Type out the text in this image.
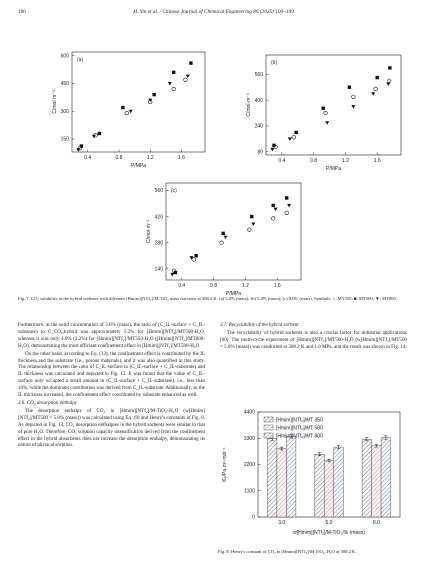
106	H. Yin et al. / Chinese Journal of Chemical Engineering 80 (2025) 100–109
0.4	0.8	1.2	1.6
150
300
450
600
P/MPa
C/mol·m⁻³
(a)
0.4	0.8	1.2	1.6
80
240
400
560
P/MPa
C/mol·m⁻³
(b)
0.4	0.8	1.2	1.6
140
280
420
560
P/MPa
C/mol·m⁻³
(c)
Fig. 7. CO₂ solubility in the hybrid sorbents with different [Hmim][NTf₂]/M-TiO₂ mass fractions at 308.2 K. (a) 3.0% (mass); (b) 5.0% (mass); (c) 8.0% (mass). Symbols: ○, MT350; ■, MT500; ▼, MT800.

Furthermore, at the solid concentration of 5.0% (mass), the ratio of (C_IL-surface + C_IL-substrate) to C_CO₂,hybrid was approximately 5.2% for [Hmim][NTf₂]/MT500-H₂O, whereas it was only 4.0% (2.2%) for [Hmim][NTf₂]/MT350-H₂O ([Hmim][NTf₂]/MT800-H₂O), demonstrating the most efficient confinement effect in [Hmim][NTf₂]/MT500-H₂O.

On the other hand, according to Eq. (13), the confinement effect is contributed by the IL thickness and the substrate (i.e., porous materials), and it was also quantified in this study. The relationship between the ratio of C_IL-surface to (C_IL-surface + C_IL-substrate) and IL thickness was calculated and depicted in Fig. 12. It was found that the value of C_IL-surface only occupied a small amount in (C_IL-surface + C_IL-substrate), i.e., less than 10%, while the dominant contribution was derived from C_IL-substrate. Additionally, as the IL thickness increased, the confinement effect contributed by substrate enhanced as well.

3.6. CO₂ desorption enthalpy

The desorption enthalpy of CO₂ in [Hmim][NTf₂]/M-TiO₂–H₂O (w[Hmim][NTf₂]/MT500 = 5.0% (mass)) was calculated using Eq. (8) and Henry's constants in Fig. 8. As depicted in Fig. 13, CO₂ desorption enthalpies in the hybrid sorbents were similar to that of pure H₂O. Therefore, CO₂ sorption capacity intensification derived from the confinement effect in the hybrid absorbents does not increase the desorption enthalpy, demonstrating its nature of physical sorption.

3.7. Recyclability of the hybrid sorbent

The recyclability of hybrid sorbents is also a crucial factor for industrial applications [60]. The multi-cycle experiment of [Hmim][NTf₂]/MT500-H₂O (w[Hmim][NTf₂]/MT500 = 5.0% (mass)) was conducted at 308.2 K and 1.0 MPa, and the result was shown in Fig. 14.

0
1100
2200
3300
4400
3.0	5.0	8.0
Kₕ/Pa·m³·mol⁻¹
w[Hmim][NTf₂]/M-TiO₂/% (mass)
[Hmim][NTf₂]/MT 350
[Hmim][NTf₂]/MT 500
[Hmim][NTf₂]/MT 800
Fig. 8. Henry's constant of CO₂ in [Hmim][NTf₂]/M-TiO₂–H₂O at 308.2 K.
